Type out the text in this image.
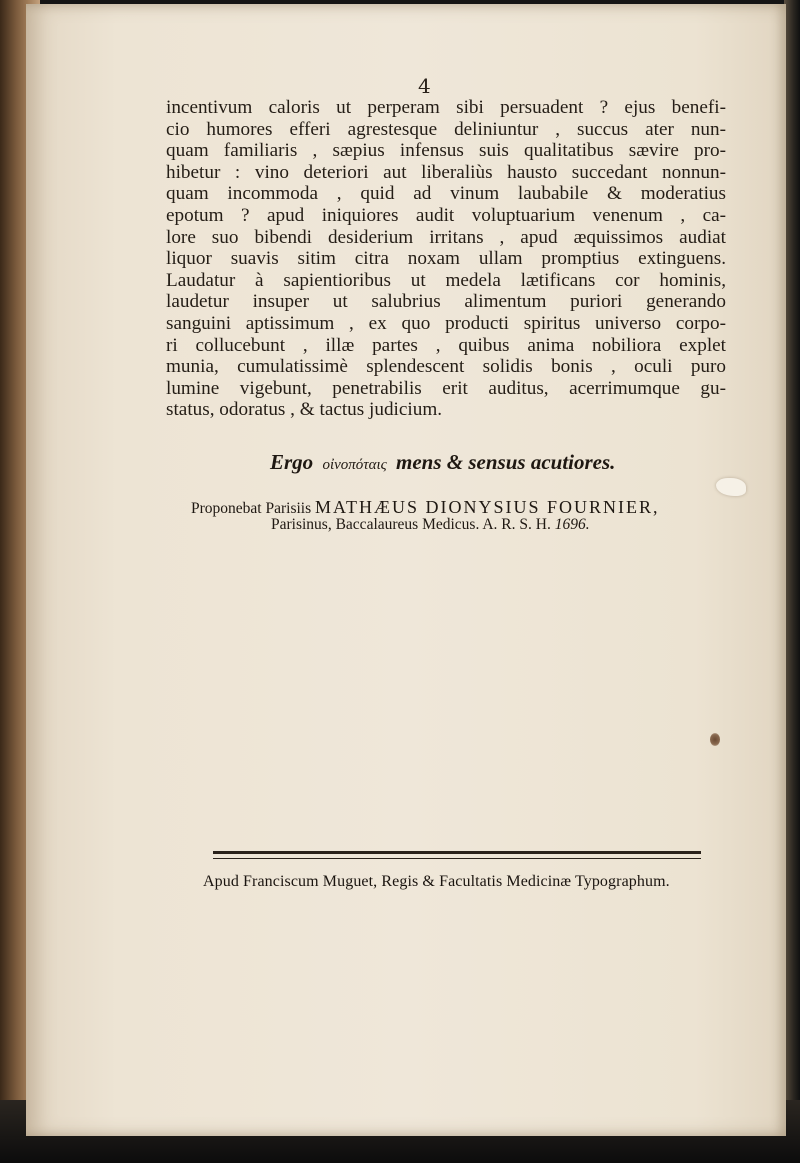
4
incentivum caloris ut perperam sibi persuadent ? ejus benefi-
cio humores efferi agrestesque deliniuntur , succus ater nun-
quam familiaris , sæpius infensus suis qualitatibus sævire pro-
hibetur : vino deteriori aut liberaliùs hausto succedant nonnun-
quam incommoda , quid ad vinum laubabile & moderatius
epotum ? apud iniquiores audit voluptuarium venenum , ca-
lore suo bibendi desiderium irritans , apud æquissimos audiat
liquor suavis sitim citra noxam ullam promptius extinguens.
Laudatur à sapientioribus ut medela lætificans cor hominis,
laudetur insuper ut salubrius alimentum puriori generando
sanguini aptissimum , ex quo producti spiritus universo corpo-
ri collucebunt , illæ partes , quibus anima nobiliora explet
munia, cumulatissimè splendescent solidis bonis , oculi puro
lumine vigebunt, penetrabilis erit auditus, acerrimumque gu-
status, odoratus , & tactus judicium.
Ergo οἰνοπόταις mens & sensus acutiores.
Proponebat Parisiis MATHÆUS DIONYSIUS FOURNIER,
Parisinus, Baccalaureus Medicus. A. R. S. H. 1696.
Apud Franciscum Muguet, Regis & Facultatis Medicinæ Typographum.
